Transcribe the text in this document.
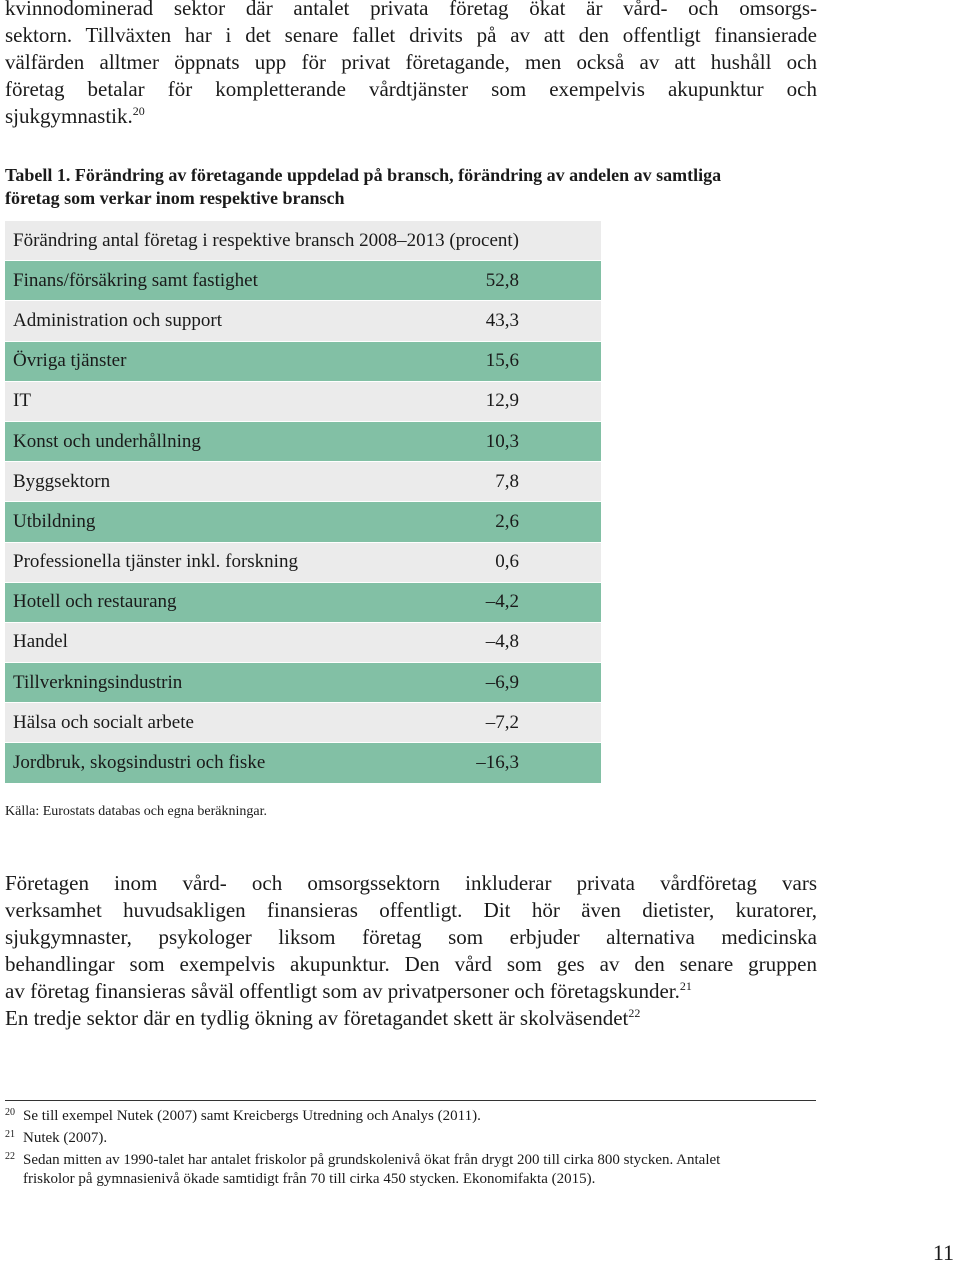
kvinnodominerad sektor där antalet privata företag ökat är vård- och omsorgs-
sektorn. Tillväxten har i det senare fallet drivits på av att den offentligt finansierade
välfärden alltmer öppnats upp för privat företagande, men också av att hushåll och
företag betalar för kompletterande vårdtjänster som exempelvis akupunktur och
sjukgymnastik.$^{20}$
Tabell 1. Förändring av företagande uppdelad på bransch, förändring av andelen av samtliga
företag som verkar inom respektive bransch
Förändring antal företag i respektive bransch 2008–2013 (procent)
Finans/försäkring samt fastighet	52,8
Administration och support	43,3
Övriga tjänster	15,6
IT	12,9
Konst och underhållning	10,3
Byggsektorn	7,8
Utbildning	2,6
Professionella tjänster inkl. forskning	0,6
Hotell och restaurang	–4,2
Handel	–4,8
Tillverkningsindustrin	–6,9
Hälsa och socialt arbete	–7,2
Jordbruk, skogsindustri och fiske	–16,3
Källa: Eurostats databas och egna beräkningar.
Företagen inom vård- och omsorgssektorn inkluderar privata vårdföretag vars
verksamhet huvudsakligen finansieras offentligt. Dit hör även dietister, kuratorer,
sjukgymnaster, psykologer liksom företag som erbjuder alternativa medicinska
behandlingar som exempelvis akupunktur. Den vård som ges av den senare gruppen
av företag finansieras såväl offentligt som av privatpersoner och företagskunder.$^{21}$
En tredje sektor där en tydlig ökning av företagandet skett är skolväsendet$^{22}$
20 Se till exempel Nutek (2007) samt Kreicbergs Utredning och Analys (2011).
21 Nutek (2007).
22 Sedan mitten av 1990-talet har antalet friskolor på grundskolenivå ökat från drygt 200 till cirka 800 stycken. Antalet
friskolor på gymnasienivå ökade samtidigt från 70 till cirka 450 stycken. Ekonomifakta (2015).
11
